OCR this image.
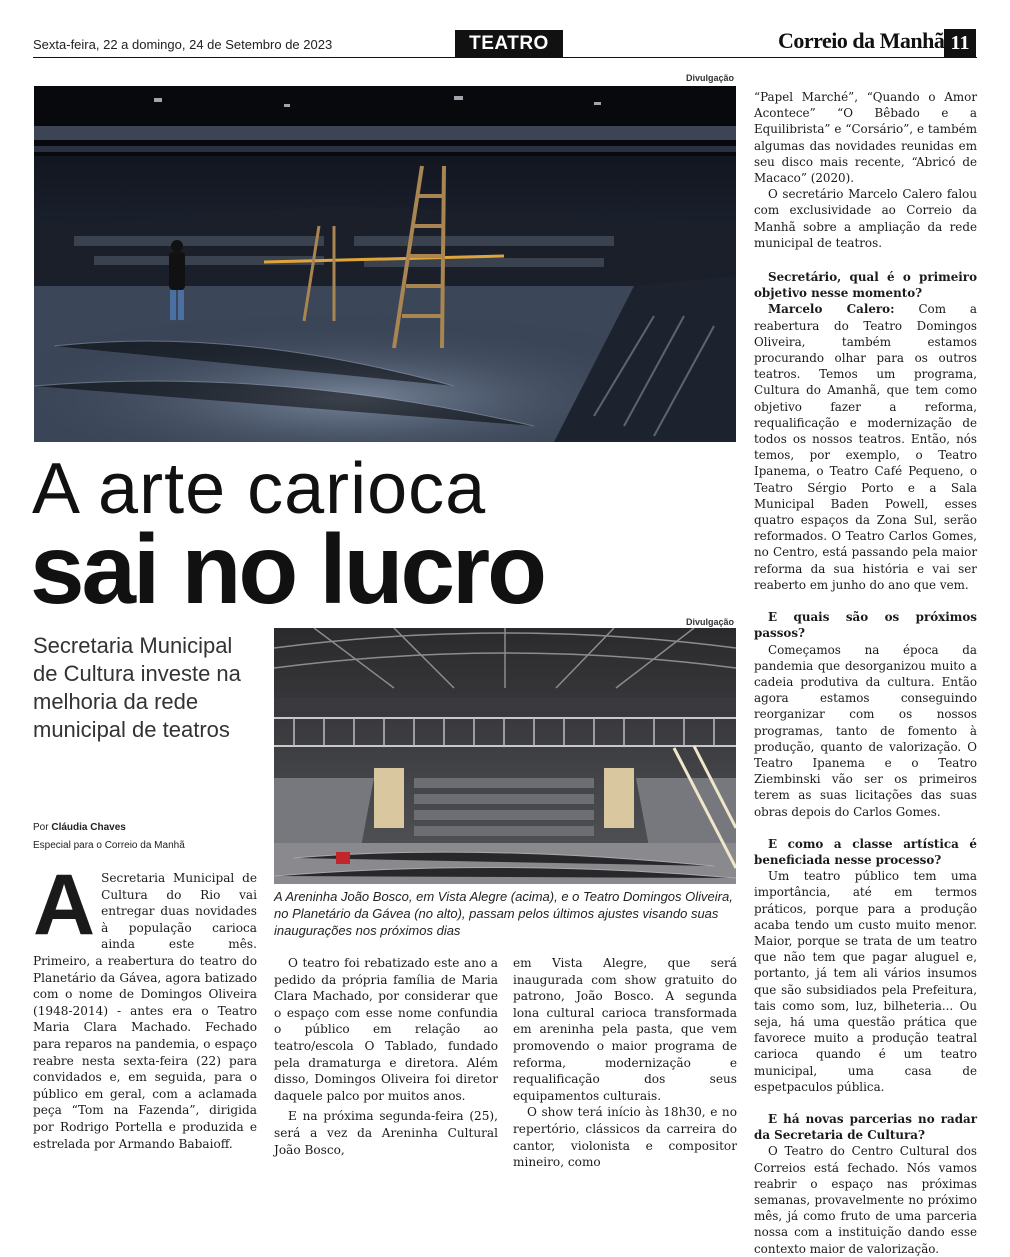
Sexta-feira, 22 a domingo, 24 de Setembro de 2023	TEATRO	Correio da Manhã 11
Divulgação
A arte carioca
sai no lucro
Secretaria Municipal de Cultura investe na melhoria da rede municipal de teatros
Por Cláudia Chaves
Especial para o Correio da Manhã
Divulgação
A Areninha João Bosco, em Vista Alegre (acima), e o Teatro Domingos Oliveira, no Planetário da Gávea (no alto), passam pelos últimos ajustes visando suas inaugurações nos próximos dias
A Secretaria Municipal de Cultura do Rio vai entregar duas novidades à população carioca ainda este mês. Primeiro, a reabertura do teatro do Planetário da Gávea, agora batizado com o nome de Domingos Oliveira (1948-2014) - antes era o Teatro Maria Clara Machado. Fechado para reparos na pandemia, o espaço reabre nesta sexta-feira (22) para convidados e, em seguida, para o público em geral, com a aclamada peça “Tom na Fazenda”, dirigida por Rodrigo Portella e produzida e estrelada por Armando Babaioff.

O teatro foi rebatizado este ano a pedido da própria família de Maria Clara Machado, por considerar que o espaço com esse nome confundia o público em relação ao teatro/escola O Tablado, fundado pela dramaturga e diretora. Além disso, Domingos Oliveira foi diretor daquele palco por muitos anos.

E na próxima segunda-feira (25), será a vez da Areninha Cultural João Bosco,

em Vista Alegre, que será inaugurada com show gratuito do patrono, João Bosco. A segunda lona cultural carioca transformada em areninha pela pasta, que vem promovendo o maior programa de reforma, modernização e requalificação dos seus equipamentos culturais.

O show terá início às 18h30, e no repertório, clássicos da carreira do cantor, violonista e compositor mineiro, como

“Papel Marché”, “Quando o Amor Acontece” “O Bêbado e a Equilibrista” e “Corsário”, e também algumas das novidades reunidas em seu disco mais recente, “Abricó de Macaco” (2020).

O secretário Marcelo Calero falou com exclusividade ao Correio da Manhã sobre a ampliação da rede municipal de teatros.

Secretário, qual é o primeiro objetivo nesse momento?

Marcelo Calero: Com a reabertura do Teatro Domingos Oliveira, também estamos procurando olhar para os outros teatros. Temos um programa, Cultura do Amanhã, que tem como objetivo fazer a reforma, requalificação e modernização de todos os nossos teatros. Então, nós temos, por exemplo, o Teatro Ipanema, o Teatro Café Pequeno, o Teatro Sérgio Porto e a Sala Municipal Baden Powell, esses quatro espaços da Zona Sul, serão reformados. O Teatro Carlos Gomes, no Centro, está passando pela maior reforma da sua história e vai ser reaberto em junho do ano que vem.

E quais são os próximos passos?

Começamos na época da pandemia que desorganizou muito a cadeia produtiva da cultura. Então agora estamos conseguindo reorganizar com os nossos programas, tanto de fomento à produção, quanto de valorização. O Teatro Ipanema e o Teatro Ziembinski vão ser os primeiros terem as suas licitações das suas obras depois do Carlos Gomes.

E como a classe artística é beneficiada nesse processo?

Um teatro público tem uma importância, até em termos práticos, porque para a produção acaba tendo um custo muito menor. Maior, porque se trata de um teatro que não tem que pagar aluguel e, portanto, já tem ali vários insumos que são subsidiados pela Prefeitura, tais como som, luz, bilheteria... Ou seja, há uma questão prática que favorece muito a produção teatral carioca quando é um teatro municipal, uma casa de espetpaculos pública.

E há novas parcerias no radar da Secretaria de Cultura?

O Teatro do Centro Cultural dos Correios está fechado. Nós vamos reabrir o espaço nas próximas semanas, provavelmente no próximo mês, já como fruto de uma parceria nossa com a instituição dando esse contexto maior de valorização.
